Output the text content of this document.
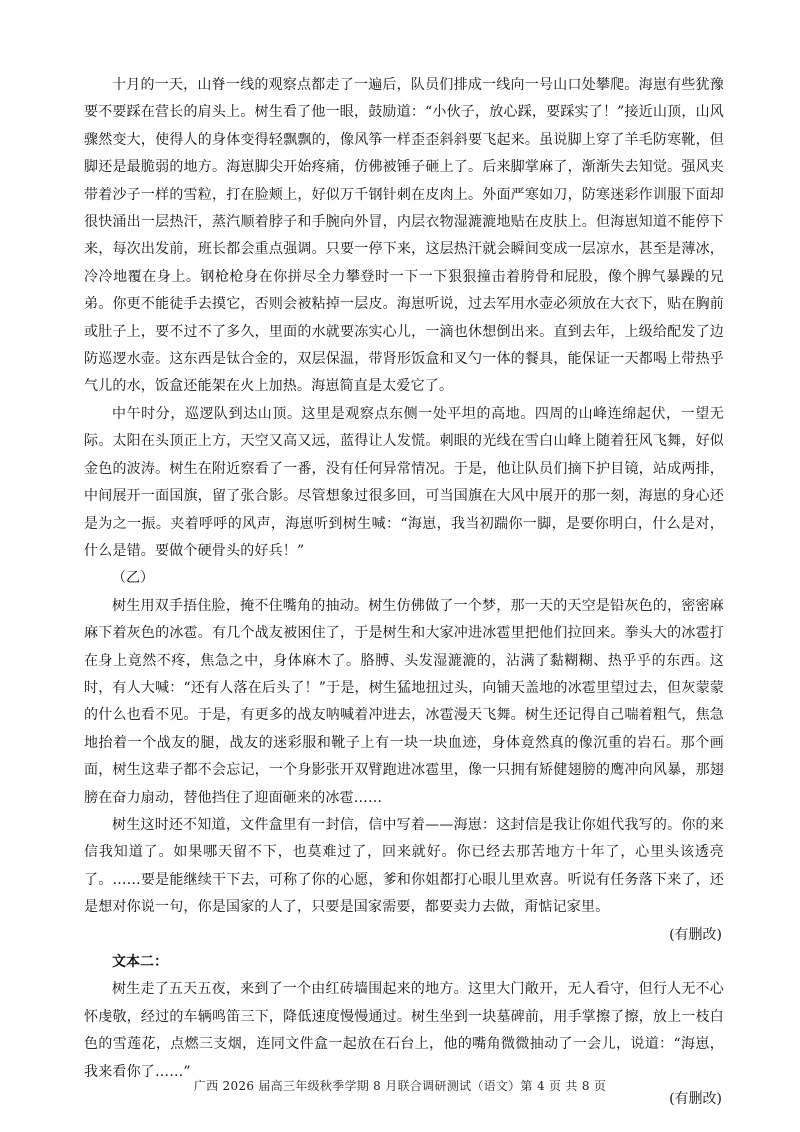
十月的一天，山脊一线的观察点都走了一遍后，队员们排成一线向一号山口处攀爬。海崽有些犹豫要不要踩在营长的肩头上。树生看了他一眼，鼓励道：“小伙子，放心踩，要踩实了！”接近山顶，山风骤然变大，使得人的身体变得轻飘飘的，像风筝一样歪歪斜斜要飞起来。虽说脚上穿了羊毛防寒靴，但脚还是最脆弱的地方。海崽脚尖开始疼痛，仿佛被锤子砸上了。后来脚掌麻了，渐渐失去知觉。强风夹带着沙子一样的雪粒，打在脸颊上，好似万千钢针刺在皮肉上。外面严寒如刀，防寒迷彩作训服下面却很快涌出一层热汗，蒸汽顺着脖子和手腕向外冒，内层衣物湿漉漉地贴在皮肤上。但海崽知道不能停下来，每次出发前，班长都会重点强调。只要一停下来，这层热汗就会瞬间变成一层凉水，甚至是薄冰，冷冷地覆在身上。钢枪枪身在你拼尽全力攀登时一下一下狠狠撞击着胯骨和屁股，像个脾气暴躁的兄弟。你更不能徒手去摸它，否则会被粘掉一层皮。海崽听说，过去军用水壶必须放在大衣下，贴在胸前或肚子上，要不过不了多久，里面的水就要冻实心儿，一滴也休想倒出来。直到去年，上级给配发了边防巡逻水壶。这东西是钛合金的，双层保温，带肾形饭盒和叉勺一体的餐具，能保证一天都喝上带热乎气儿的水，饭盒还能架在火上加热。海崽简直是太爱它了。

中午时分，巡逻队到达山顶。这里是观察点东侧一处平坦的高地。四周的山峰连绵起伏，一望无际。太阳在头顶正上方，天空又高又远，蓝得让人发慌。刺眼的光线在雪白山峰上随着狂风飞舞，好似金色的波涛。树生在附近察看了一番，没有任何异常情况。于是，他让队员们摘下护目镜，站成两排，中间展开一面国旗，留了张合影。尽管想象过很多回，可当国旗在大风中展开的那一刻，海崽的身心还是为之一振。夹着呼呼的风声，海崽听到树生喊：“海崽，我当初踹你一脚，是要你明白，什么是对，什么是错。要做个硬骨头的好兵！”

（乙）

树生用双手捂住脸，掩不住嘴角的抽动。树生仿佛做了一个梦，那一天的天空是铅灰色的，密密麻麻下着灰色的冰雹。有几个战友被困住了，于是树生和大家冲进冰雹里把他们拉回来。拳头大的冰雹打在身上竟然不疼，焦急之中，身体麻木了。胳膊、头发湿漉漉的，沾满了黏糊糊、热乎乎的东西。这时，有人大喊：“还有人落在后头了！”于是，树生猛地扭过头，向铺天盖地的冰雹里望过去，但灰蒙蒙的什么也看不见。于是，有更多的战友呐喊着冲进去，冰雹漫天飞舞。树生还记得自己喘着粗气，焦急地抬着一个战友的腿，战友的迷彩服和靴子上有一块一块血迹，身体竟然真的像沉重的岩石。那个画面，树生这辈子都不会忘记，一个身影张开双臂跑进冰雹里，像一只拥有矫健翅膀的鹰冲向风暴，那翅膀在奋力扇动，替他挡住了迎面砸来的冰雹……

树生这时还不知道，文件盒里有一封信，信中写着——海崽：这封信是我让你姐代我写的。你的来信我知道了。如果哪天留不下，也莫难过了，回来就好。你已经去那苦地方十年了，心里头该透亮了。……要是能继续干下去，可称了你的心愿，爹和你姐都打心眼儿里欢喜。听说有任务落下来了，还是想对你说一句，你是国家的人了，只要是国家需要，都要卖力去做，甭惦记家里。

(有删改)

文本二：

树生走了五天五夜，来到了一个由红砖墙围起来的地方。这里大门敞开，无人看守，但行人无不心怀虔敬，经过的车辆鸣笛三下，降低速度慢慢通过。树生坐到一块墓碑前，用手掌擦了擦，放上一枝白色的雪莲花，点燃三支烟，连同文件盒一起放在石台上，他的嘴角微微抽动了一会儿，说道：“海崽，我来看你了……”

(有删改)

广西 2026 届高三年级秋季学期 8 月联合调研测试（语文）第 4 页 共 8 页
